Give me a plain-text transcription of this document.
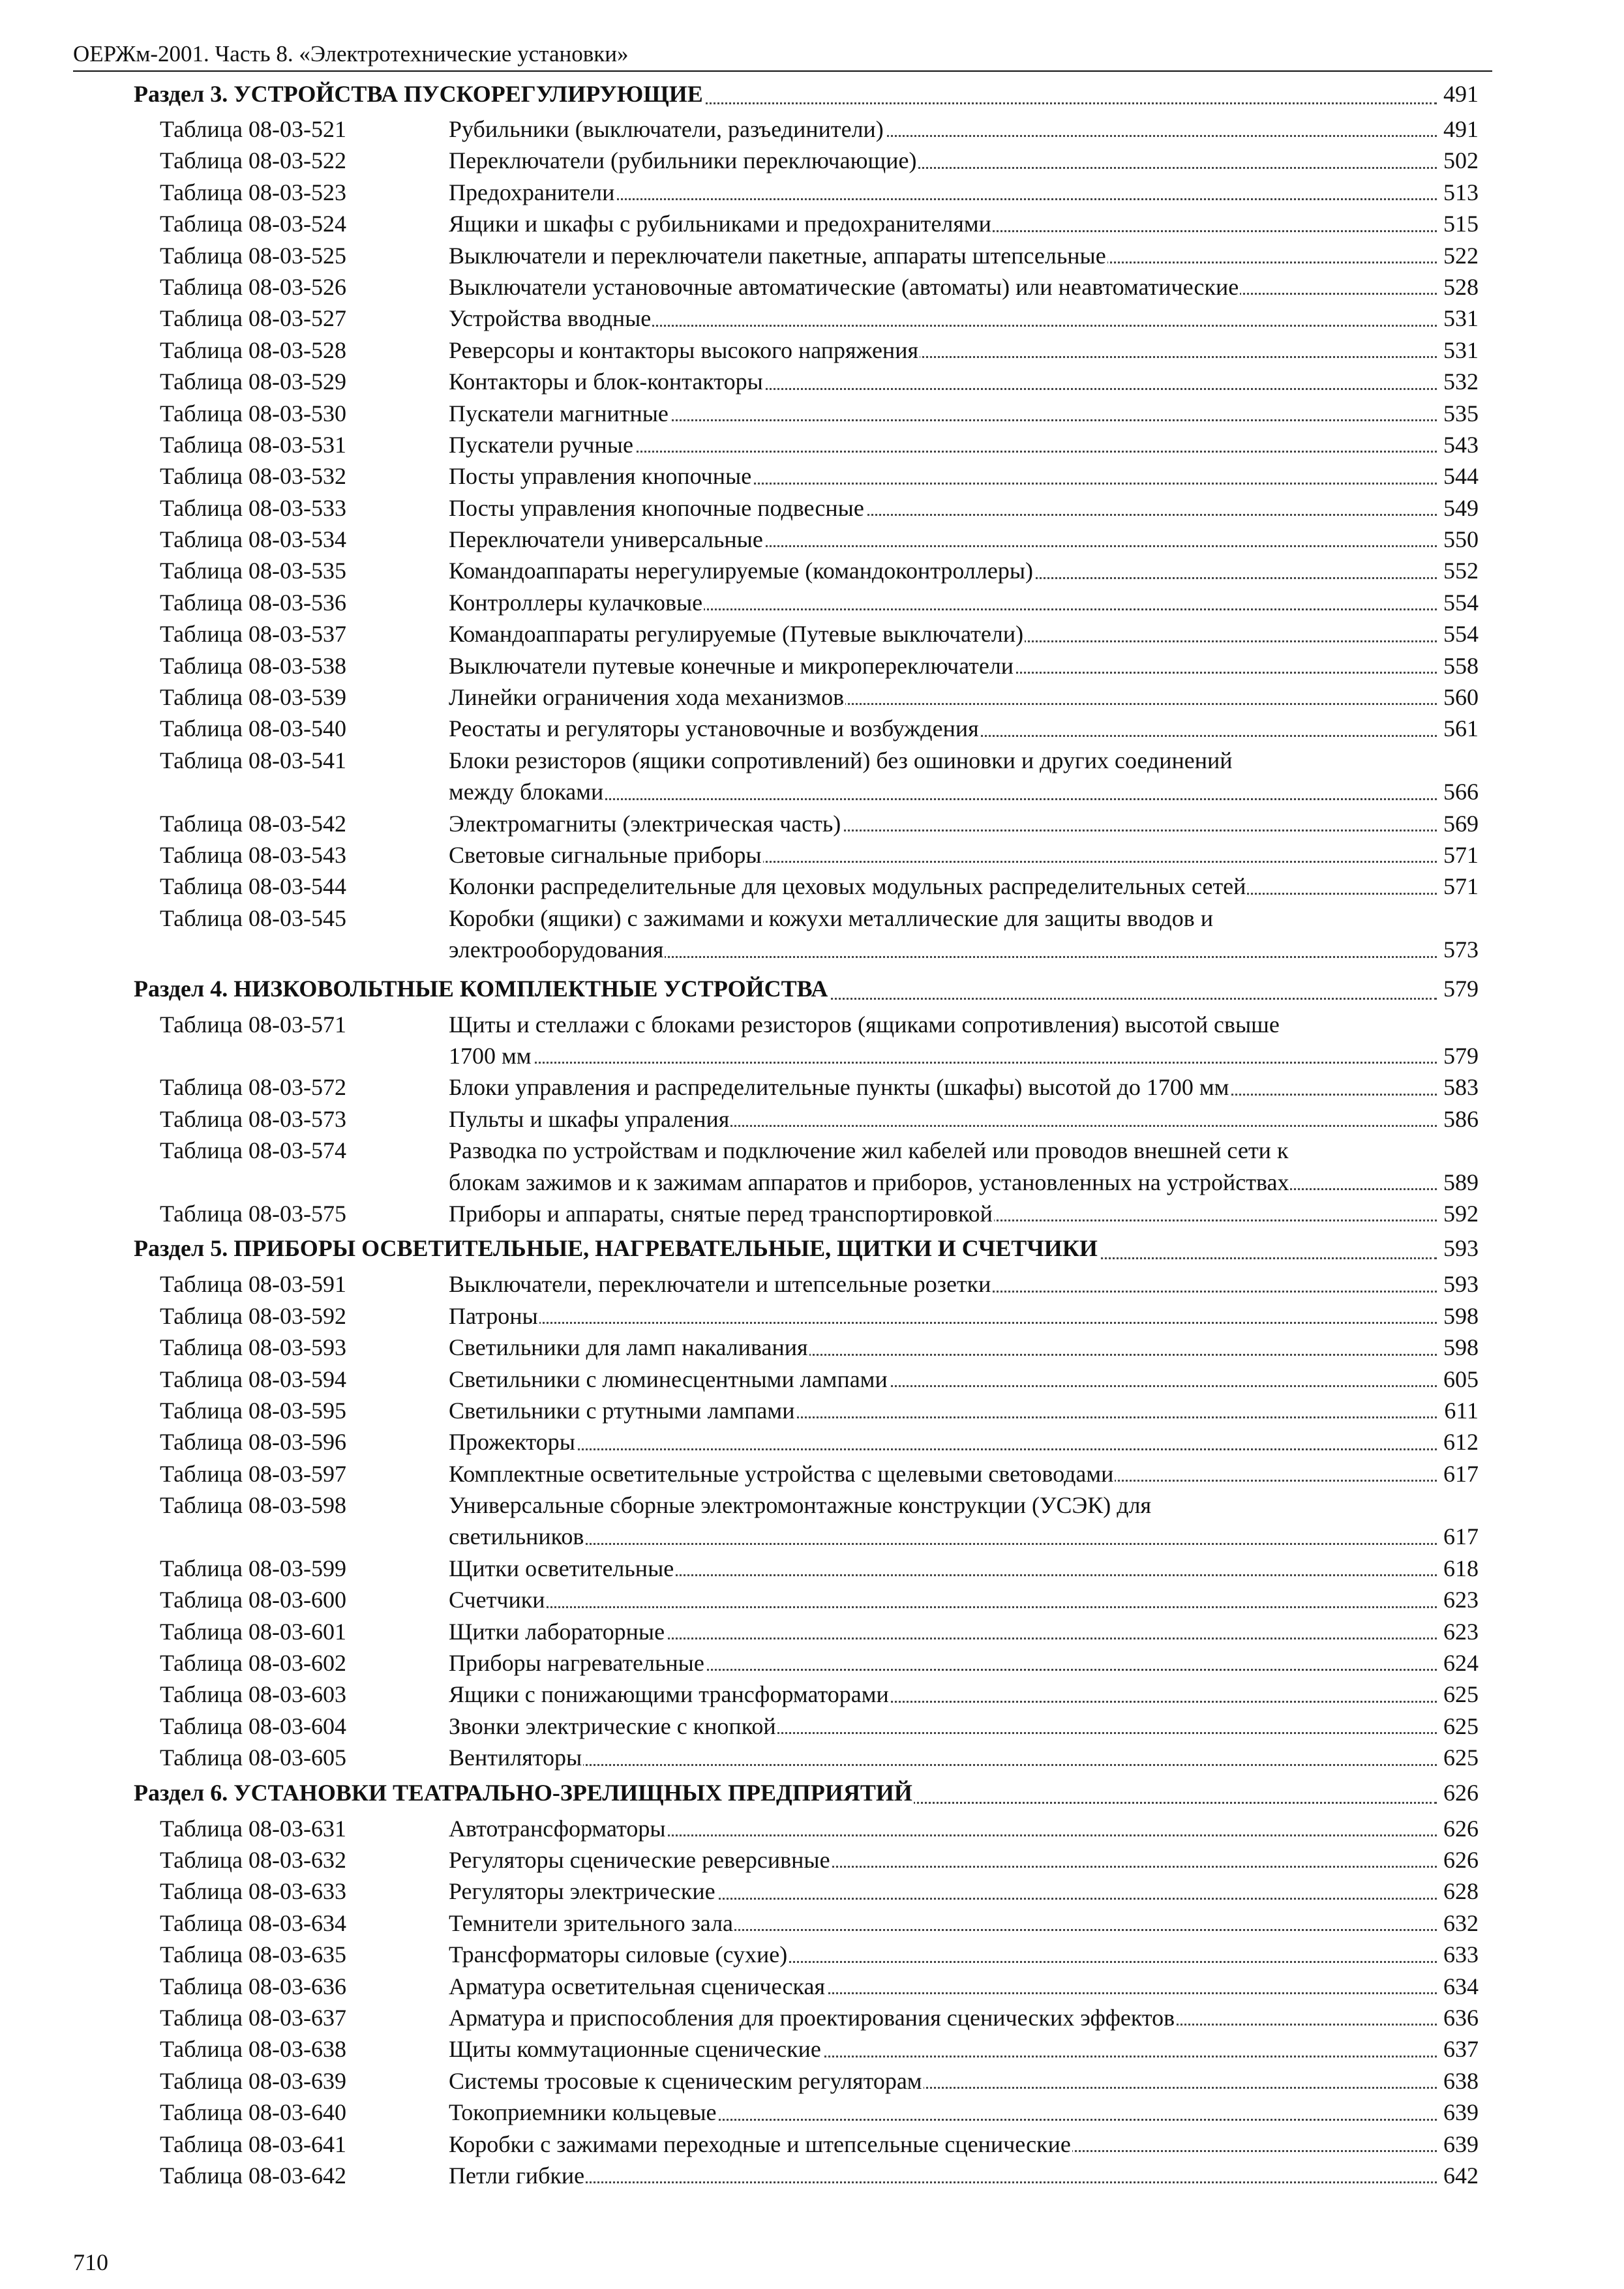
ОЕРЖм-2001. Часть 8. «Электротехнические установки»
Раздел 3. УСТРОЙСТВА ПУСКОРЕГУЛИРУЮЩИЕ	491
Таблица 08-03-521	Рубильники (выключатели, разъединители)	491
Таблица 08-03-522	Переключатели (рубильники переключающие)	502
Таблица 08-03-523	Предохранители	513
Таблица 08-03-524	Ящики и шкафы с рубильниками и предохранителями	515
Таблица 08-03-525	Выключатели и переключатели пакетные, аппараты штепсельные	522
Таблица 08-03-526	Выключатели установочные автоматические (автоматы) или неавтоматические	528
Таблица 08-03-527	Устройства вводные	531
Таблица 08-03-528	Реверсоры и контакторы высокого напряжения	531
Таблица 08-03-529	Контакторы и блок-контакторы	532
Таблица 08-03-530	Пускатели магнитные	535
Таблица 08-03-531	Пускатели ручные	543
Таблица 08-03-532	Посты управления кнопочные	544
Таблица 08-03-533	Посты управления кнопочные подвесные	549
Таблица 08-03-534	Переключатели универсальные	550
Таблица 08-03-535	Командоаппараты нерегулируемые (командоконтроллеры)	552
Таблица 08-03-536	Контроллеры кулачковые	554
Таблица 08-03-537	Командоаппараты регулируемые (Путевые выключатели)	554
Таблица 08-03-538	Выключатели путевые конечные и микропереключатели	558
Таблица 08-03-539	Линейки ограничения хода механизмов	560
Таблица 08-03-540	Реостаты и регуляторы установочные и возбуждения	561
Таблица 08-03-541	Блоки резисторов (ящики сопротивлений) без ошиновки и других соединений
между блоками	566
Таблица 08-03-542	Электромагниты (электрическая часть)	569
Таблица 08-03-543	Световые сигнальные приборы	571
Таблица 08-03-544	Колонки распределительные для цеховых модульных распределительных сетей	571
Таблица 08-03-545	Коробки (ящики) с зажимами и кожухи металлические для защиты вводов и
электрооборудования	573
Раздел 4. НИЗКОВОЛЬТНЫЕ КОМПЛЕКТНЫЕ УСТРОЙСТВА	579
Таблица 08-03-571	Щиты и стеллажи с блоками резисторов (ящиками сопротивления) высотой свыше
1700 мм	579
Таблица 08-03-572	Блоки управления и распределительные пункты (шкафы) высотой до 1700 мм	583
Таблица 08-03-573	Пульты и шкафы упраления	586
Таблица 08-03-574	Разводка по устройствам и подключение жил кабелей или проводов внешней сети к
блокам зажимов и к зажимам аппаратов и приборов, установленных на устройствах	589
Таблица 08-03-575	Приборы и аппараты, снятые перед транспортировкой	592
Раздел 5. ПРИБОРЫ ОСВЕТИТЕЛЬНЫЕ, НАГРЕВАТЕЛЬНЫЕ, ЩИТКИ И СЧЕТЧИКИ	593
Таблица 08-03-591	Выключатели, переключатели и штепсельные розетки	593
Таблица 08-03-592	Патроны	598
Таблица 08-03-593	Светильники для ламп накаливания	598
Таблица 08-03-594	Светильники с люминесцентными лампами	605
Таблица 08-03-595	Светильники с ртутными лампами	611
Таблица 08-03-596	Прожекторы	612
Таблица 08-03-597	Комплектные осветительные устройства с щелевыми световодами	617
Таблица 08-03-598	Универсальные сборные электромонтажные конструкции (УСЭК) для
светильников	617
Таблица 08-03-599	Щитки осветительные	618
Таблица 08-03-600	Счетчики	623
Таблица 08-03-601	Щитки лабораторные	623
Таблица 08-03-602	Приборы нагревательные	624
Таблица 08-03-603	Ящики с понижающими трансформаторами	625
Таблица 08-03-604	Звонки электрические с кнопкой	625
Таблица 08-03-605	Вентиляторы	625
Раздел 6. УСТАНОВКИ ТЕАТРАЛЬНО-ЗРЕЛИЩНЫХ ПРЕДПРИЯТИЙ	626
Таблица 08-03-631	Автотрансформаторы	626
Таблица 08-03-632	Регуляторы сценические реверсивные	626
Таблица 08-03-633	Регуляторы электрические	628
Таблица 08-03-634	Темнители зрительного зала	632
Таблица 08-03-635	Трансформаторы силовые (сухие)	633
Таблица 08-03-636	Арматура осветительная сценическая	634
Таблица 08-03-637	Арматура и приспособления для проектирования сценических эффектов	636
Таблица 08-03-638	Щиты коммутационные сценические	637
Таблица 08-03-639	Системы тросовые к сценическим регуляторам	638
Таблица 08-03-640	Токоприемники кольцевые	639
Таблица 08-03-641	Коробки с зажимами переходные и штепсельные сценические	639
Таблица 08-03-642	Петли гибкие	642
710
